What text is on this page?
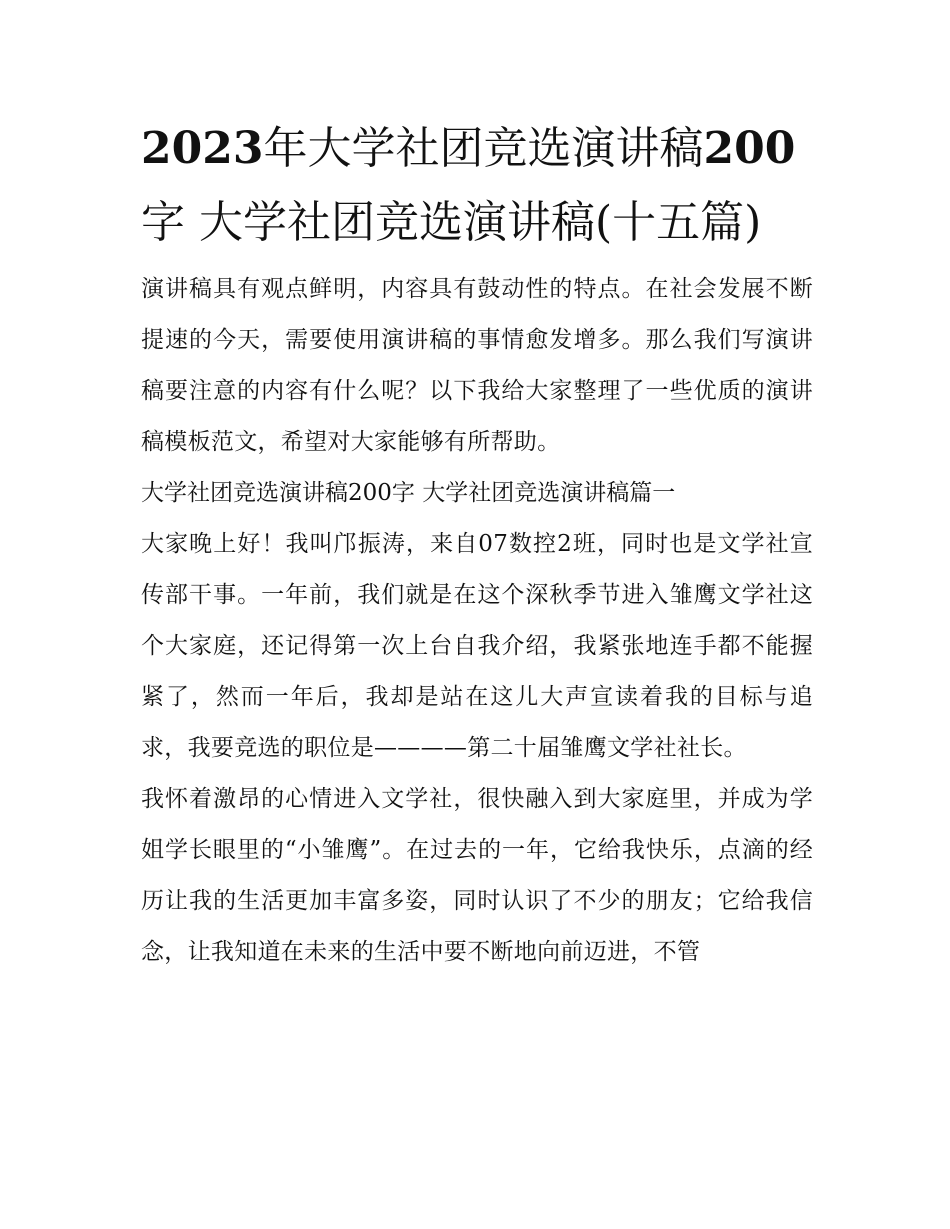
2023年大学社团竞选演讲稿200字 大学社团竞选演讲稿(十五篇)

演讲稿具有观点鲜明，内容具有鼓动性的特点。在社会发展不断提速的今天，需要使用演讲稿的事情愈发增多。那么我们写演讲稿要注意的内容有什么呢？以下我给大家整理了一些优质的演讲稿模板范文，希望对大家能够有所帮助。

大学社团竞选演讲稿200字 大学社团竞选演讲稿篇一

大家晚上好！我叫邝振涛，来自07数控2班，同时也是文学社宣传部干事。一年前，我们就是在这个深秋季节进入雏鹰文学社这个大家庭，还记得第一次上台自我介绍，我紧张地连手都不能握紧了，然而一年后，我却是站在这儿大声宣读着我的目标与追求，我要竞选的职位是————第二十届雏鹰文学社社长。

我怀着激昂的心情进入文学社，很快融入到大家庭里，并成为学姐学长眼里的“小雏鹰”。在过去的一年，它给我快乐，点滴的经历让我的生活更加丰富多姿，同时认识了不少的朋友；它给我信念，让我知道在未来的生活中要不断地向前迈进，不管
